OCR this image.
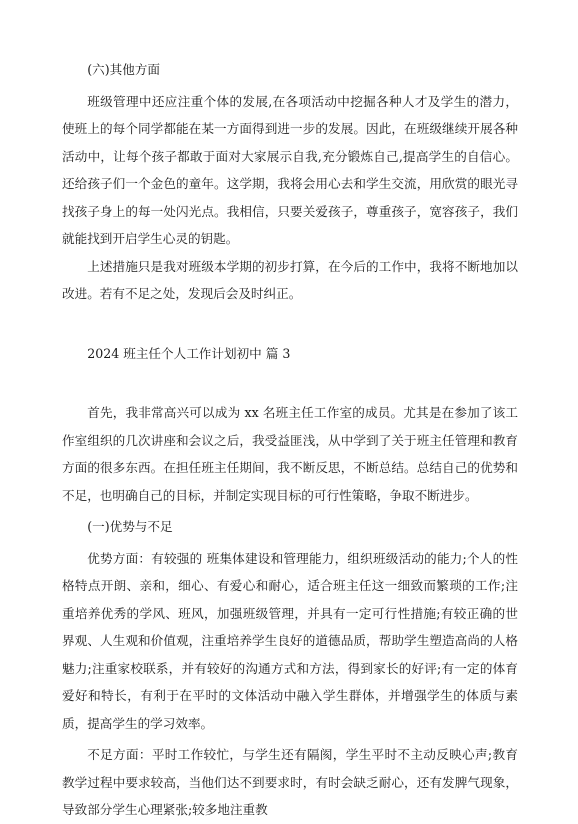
(六)其他方面

班级管理中还应注重个体的发展,在各项活动中挖掘各种人才及学生的潜力，使班上的每个同学都能在某一方面得到进一步的发展。因此，在班级继续开展各种活动中，让每个孩子都敢于面对大家展示自我,充分锻炼自己,提高学生的自信心。还给孩子们一个金色的童年。这学期，我将会用心去和学生交流，用欣赏的眼光寻找孩子身上的每一处闪光点。我相信，只要关爱孩子，尊重孩子，宽容孩子，我们就能找到开启学生心灵的钥匙。

上述措施只是我对班级本学期的初步打算，在今后的工作中，我将不断地加以改进。若有不足之处，发现后会及时纠正。

2024 班主任个人工作计划初中 篇 3

首先，我非常高兴可以成为 xx 名班主任工作室的成员。尤其是在参加了该工作室组织的几次讲座和会议之后，我受益匪浅，从中学到了关于班主任管理和教育方面的很多东西。在担任班主任期间，我不断反思，不断总结。总结自己的优势和不足，也明确自己的目标，并制定实现目标的可行性策略，争取不断进步。

(一)优势与不足

优势方面：有较强的 班集体建设和管理能力，组织班级活动的能力;个人的性格特点开朗、亲和，细心、有爱心和耐心，适合班主任这一细致而繁琐的工作;注重培养优秀的学风、班风，加强班级管理，并具有一定可行性措施;有较正确的世界观、人生观和价值观，注重培养学生良好的道德品质，帮助学生塑造高尚的人格魅力;注重家校联系，并有较好的沟通方式和方法，得到家长的好评;有一定的体育爱好和特长，有利于在平时的文体活动中融入学生群体，并增强学生的体质与素质，提高学生的学习效率。

不足方面：平时工作较忙，与学生还有隔阂，学生平时不主动反映心声;教育教学过程中要求较高，当他们达不到要求时，有时会缺乏耐心，还有发脾气现象，导致部分学生心理紧张;较多地注重教
